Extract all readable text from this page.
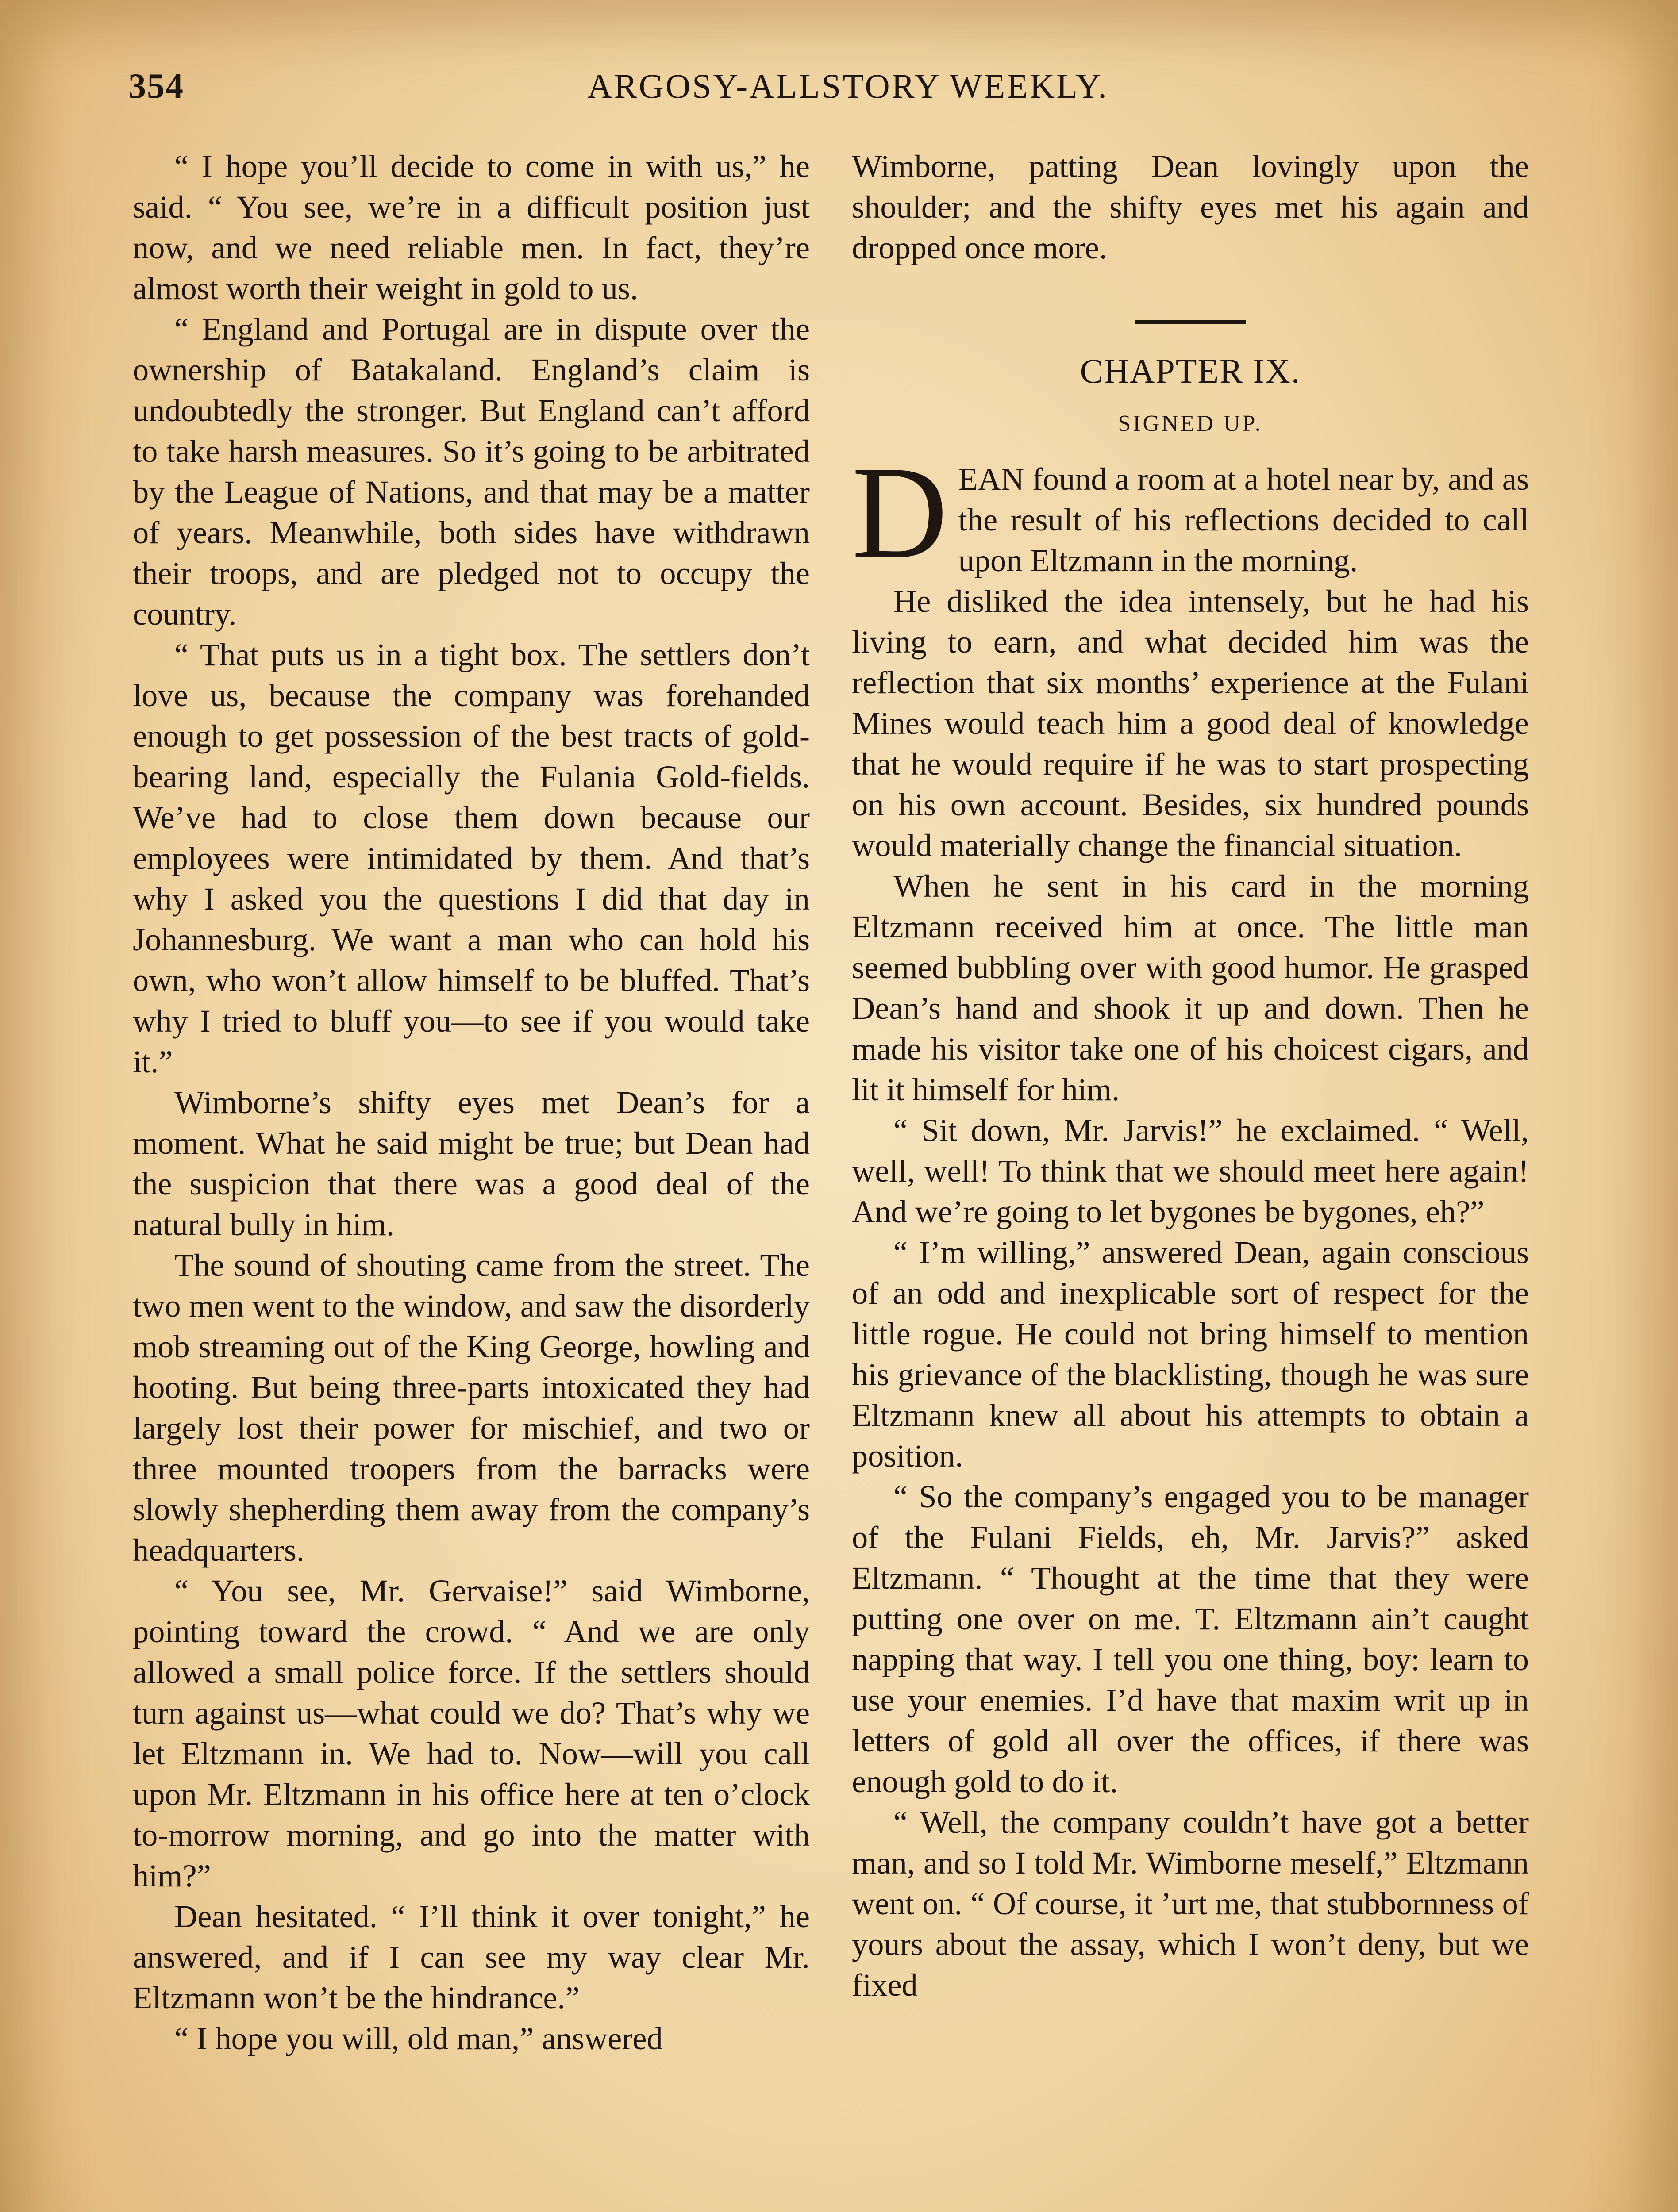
354	ARGOSY-ALLSTORY WEEKLY.

“ I hope you’ll decide to come in with us,” he said. “ You see, we’re in a difficult position just now, and we need reliable men. In fact, they’re almost worth their weight in gold to us.

“ England and Portugal are in dispute over the ownership of Batakaland. England’s claim is undoubtedly the stronger. But England can’t afford to take harsh measures. So it’s going to be arbitrated by the League of Nations, and that may be a matter of years. Meanwhile, both sides have withdrawn their troops, and are pledged not to occupy the country.

“ That puts us in a tight box. The settlers don’t love us, because the company was forehanded enough to get possession of the best tracts of gold-bearing land, especially the Fulania Gold-fields. We’ve had to close them down because our employees were intimidated by them. And that’s why I asked you the questions I did that day in Johannesburg. We want a man who can hold his own, who won’t allow himself to be bluffed. That’s why I tried to bluff you—to see if you would take it.”

Wimborne’s shifty eyes met Dean’s for a moment. What he said might be true; but Dean had the suspicion that there was a good deal of the natural bully in him.

The sound of shouting came from the street. The two men went to the window, and saw the disorderly mob streaming out of the King George, howling and hooting. But being three-parts intoxicated they had largely lost their power for mischief, and two or three mounted troopers from the barracks were slowly shepherding them away from the company’s headquarters.

“ You see, Mr. Gervaise!” said Wimborne, pointing toward the crowd. “ And we are only allowed a small police force. If the settlers should turn against us—what could we do? That’s why we let Eltzmann in. We had to. Now—will you call upon Mr. Eltzmann in his office here at ten o’clock to-morrow morning, and go into the matter with him?”

Dean hesitated. “ I’ll think it over tonight,” he answered, and if I can see my way clear Mr. Eltzmann won’t be the hindrance.”

“ I hope you will, old man,” answered

Wimborne, patting Dean lovingly upon the shoulder; and the shifty eyes met his again and dropped once more.

CHAPTER IX.
SIGNED UP.

DEAN found a room at a hotel near by, and as the result of his reflections decided to call upon Eltzmann in the morning.

He disliked the idea intensely, but he had his living to earn, and what decided him was the reflection that six months’ experience at the Fulani Mines would teach him a good deal of knowledge that he would require if he was to start prospecting on his own account. Besides, six hundred pounds would materially change the financial situation.

When he sent in his card in the morning Eltzmann received him at once. The little man seemed bubbling over with good humor. He grasped Dean’s hand and shook it up and down. Then he made his visitor take one of his choicest cigars, and lit it himself for him.

“ Sit down, Mr. Jarvis!” he exclaimed. “ Well, well, well! To think that we should meet here again! And we’re going to let bygones be bygones, eh?”

“ I’m willing,” answered Dean, again conscious of an odd and inexplicable sort of respect for the little rogue. He could not bring himself to mention his grievance of the blacklisting, though he was sure Eltzmann knew all about his attempts to obtain a position.

“ So the company’s engaged you to be manager of the Fulani Fields, eh, Mr. Jarvis?” asked Eltzmann. “ Thought at the time that they were putting one over on me. T. Eltzmann ain’t caught napping that way. I tell you one thing, boy: learn to use your enemies. I’d have that maxim writ up in letters of gold all over the offices, if there was enough gold to do it.

“ Well, the company couldn’t have got a better man, and so I told Mr. Wimborne meself,” Eltzmann went on. “ Of course, it ’urt me, that stubbornness of yours about the assay, which I won’t deny, but we fixed
